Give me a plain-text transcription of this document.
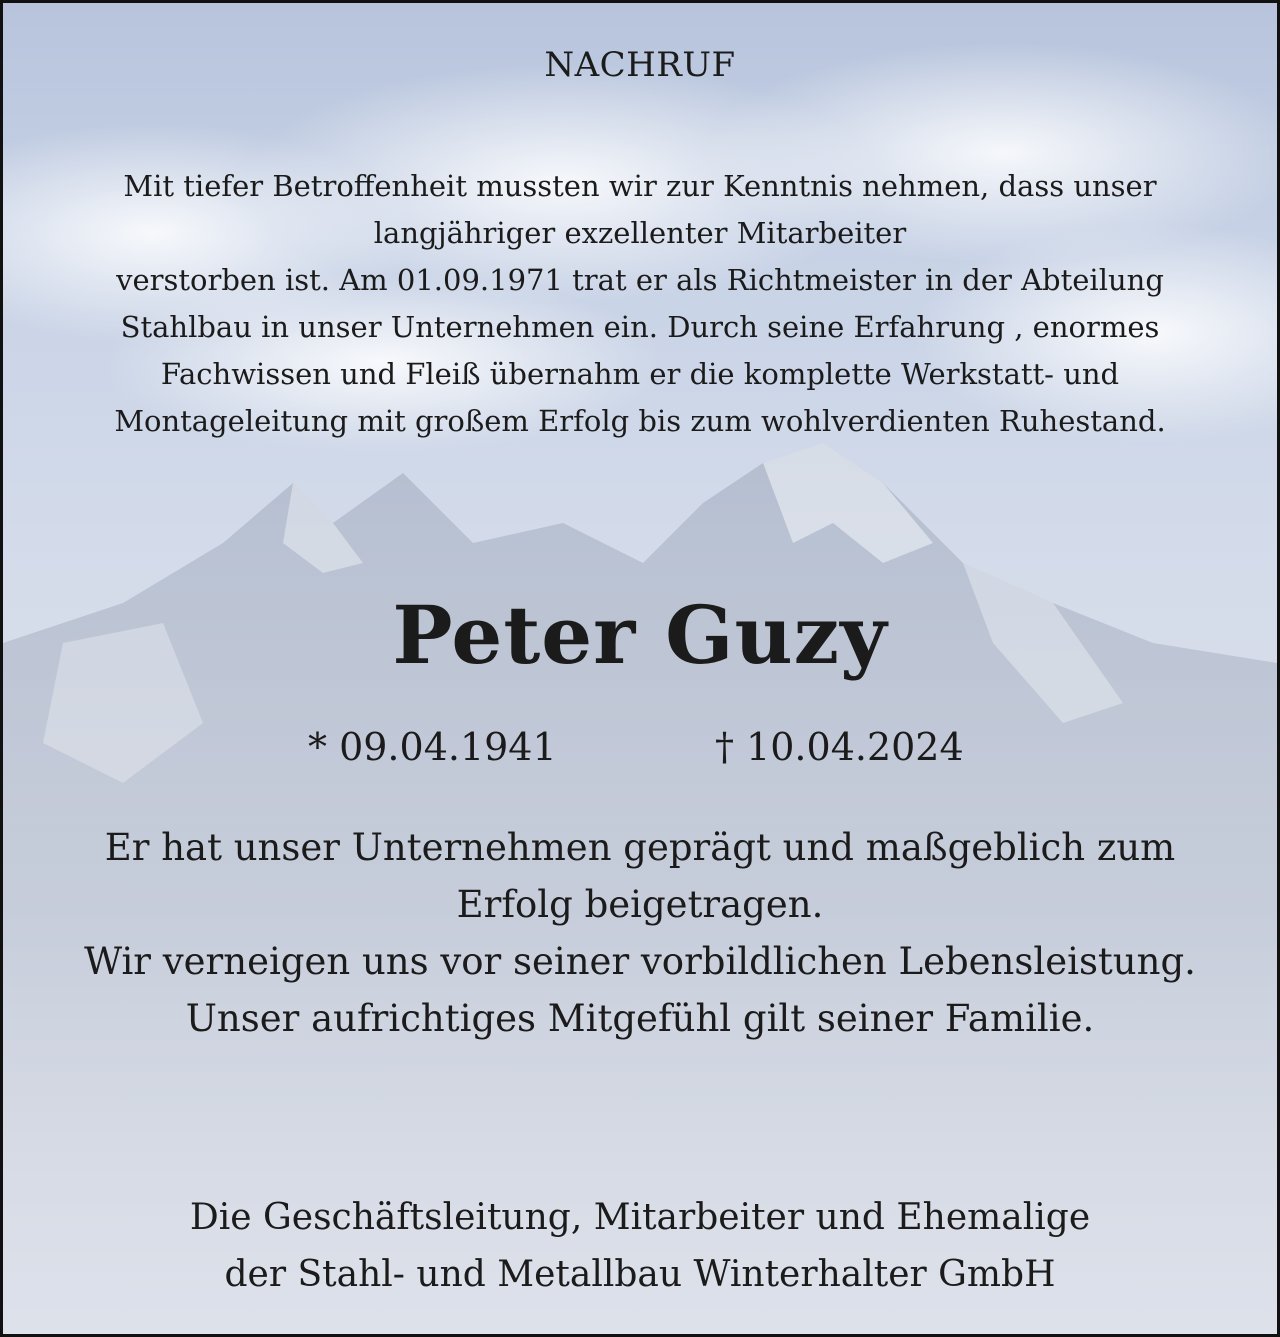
NACHRUF

Mit tiefer Betroffenheit mussten wir zur Kenntnis nehmen, dass unser

langjähriger exzellenter Mitarbeiter

verstorben ist. Am 01.09.1971 trat er als Richtmeister in der Abteilung

Stahlbau in unser Unternehmen ein. Durch seine Erfahrung , enormes

Fachwissen und Fleiß übernahm er die komplette Werkstatt- und

Montageleitung mit großem Erfolg bis zum wohlverdienten Ruhestand.

Peter Guzy
* 09.04.1941	† 10.04.2024

Er hat unser Unternehmen geprägt und maßgeblich zum

Erfolg beigetragen.

Wir verneigen uns vor seiner vorbildlichen Lebensleistung.

Unser aufrichtiges Mitgefühl gilt seiner Familie.

Die Geschäftsleitung, Mitarbeiter und Ehemalige

der Stahl- und Metallbau Winterhalter GmbH
